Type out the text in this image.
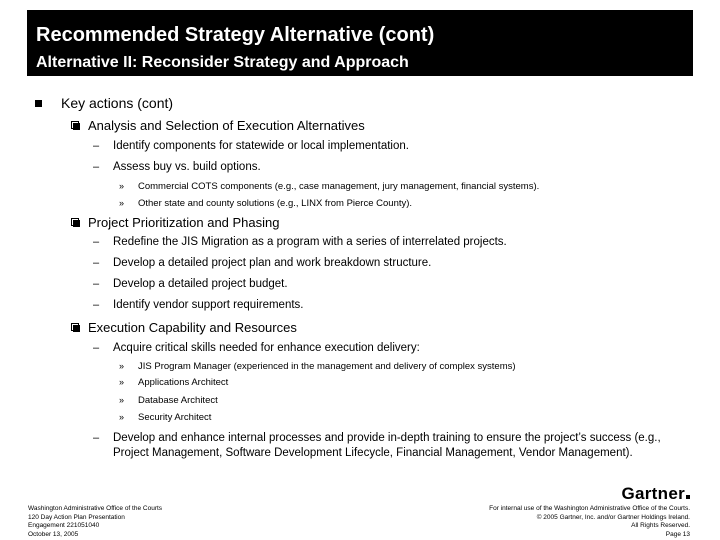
Recommended Strategy Alternative (cont)
Alternative II: Reconsider Strategy and Approach
Key actions (cont)
Analysis and Selection of Execution Alternatives
– Identify components for statewide or local implementation.
– Assess buy vs. build options.
» Commercial COTS components (e.g., case management, jury management, financial systems).
» Other state and county solutions (e.g., LINX from Pierce County).
Project Prioritization and Phasing
– Redefine the JIS Migration as a program with a series of interrelated projects.
– Develop a detailed project plan and work breakdown structure.
– Develop a detailed project budget.
– Identify vendor support requirements.
Execution Capability and Resources
– Acquire critical skills needed for enhance execution delivery:
» JIS Program Manager (experienced in the management and delivery of complex systems)
» Applications Architect
» Database Architect
» Security Architect
– Develop and enhance internal processes and provide in-depth training to ensure the project’s success (e.g., Project Management, Software Development Lifecycle, Financial Management, Vendor Management).
Washington Administrative Office of the Courts
120 Day Action Plan Presentation
Engagement 221051040
October 13, 2005
Gartner
For internal use of the Washington Administrative Office of the Courts.
© 2005 Gartner, Inc. and/or Gartner Holdings Ireland.
All Rights Reserved.
Page 13
